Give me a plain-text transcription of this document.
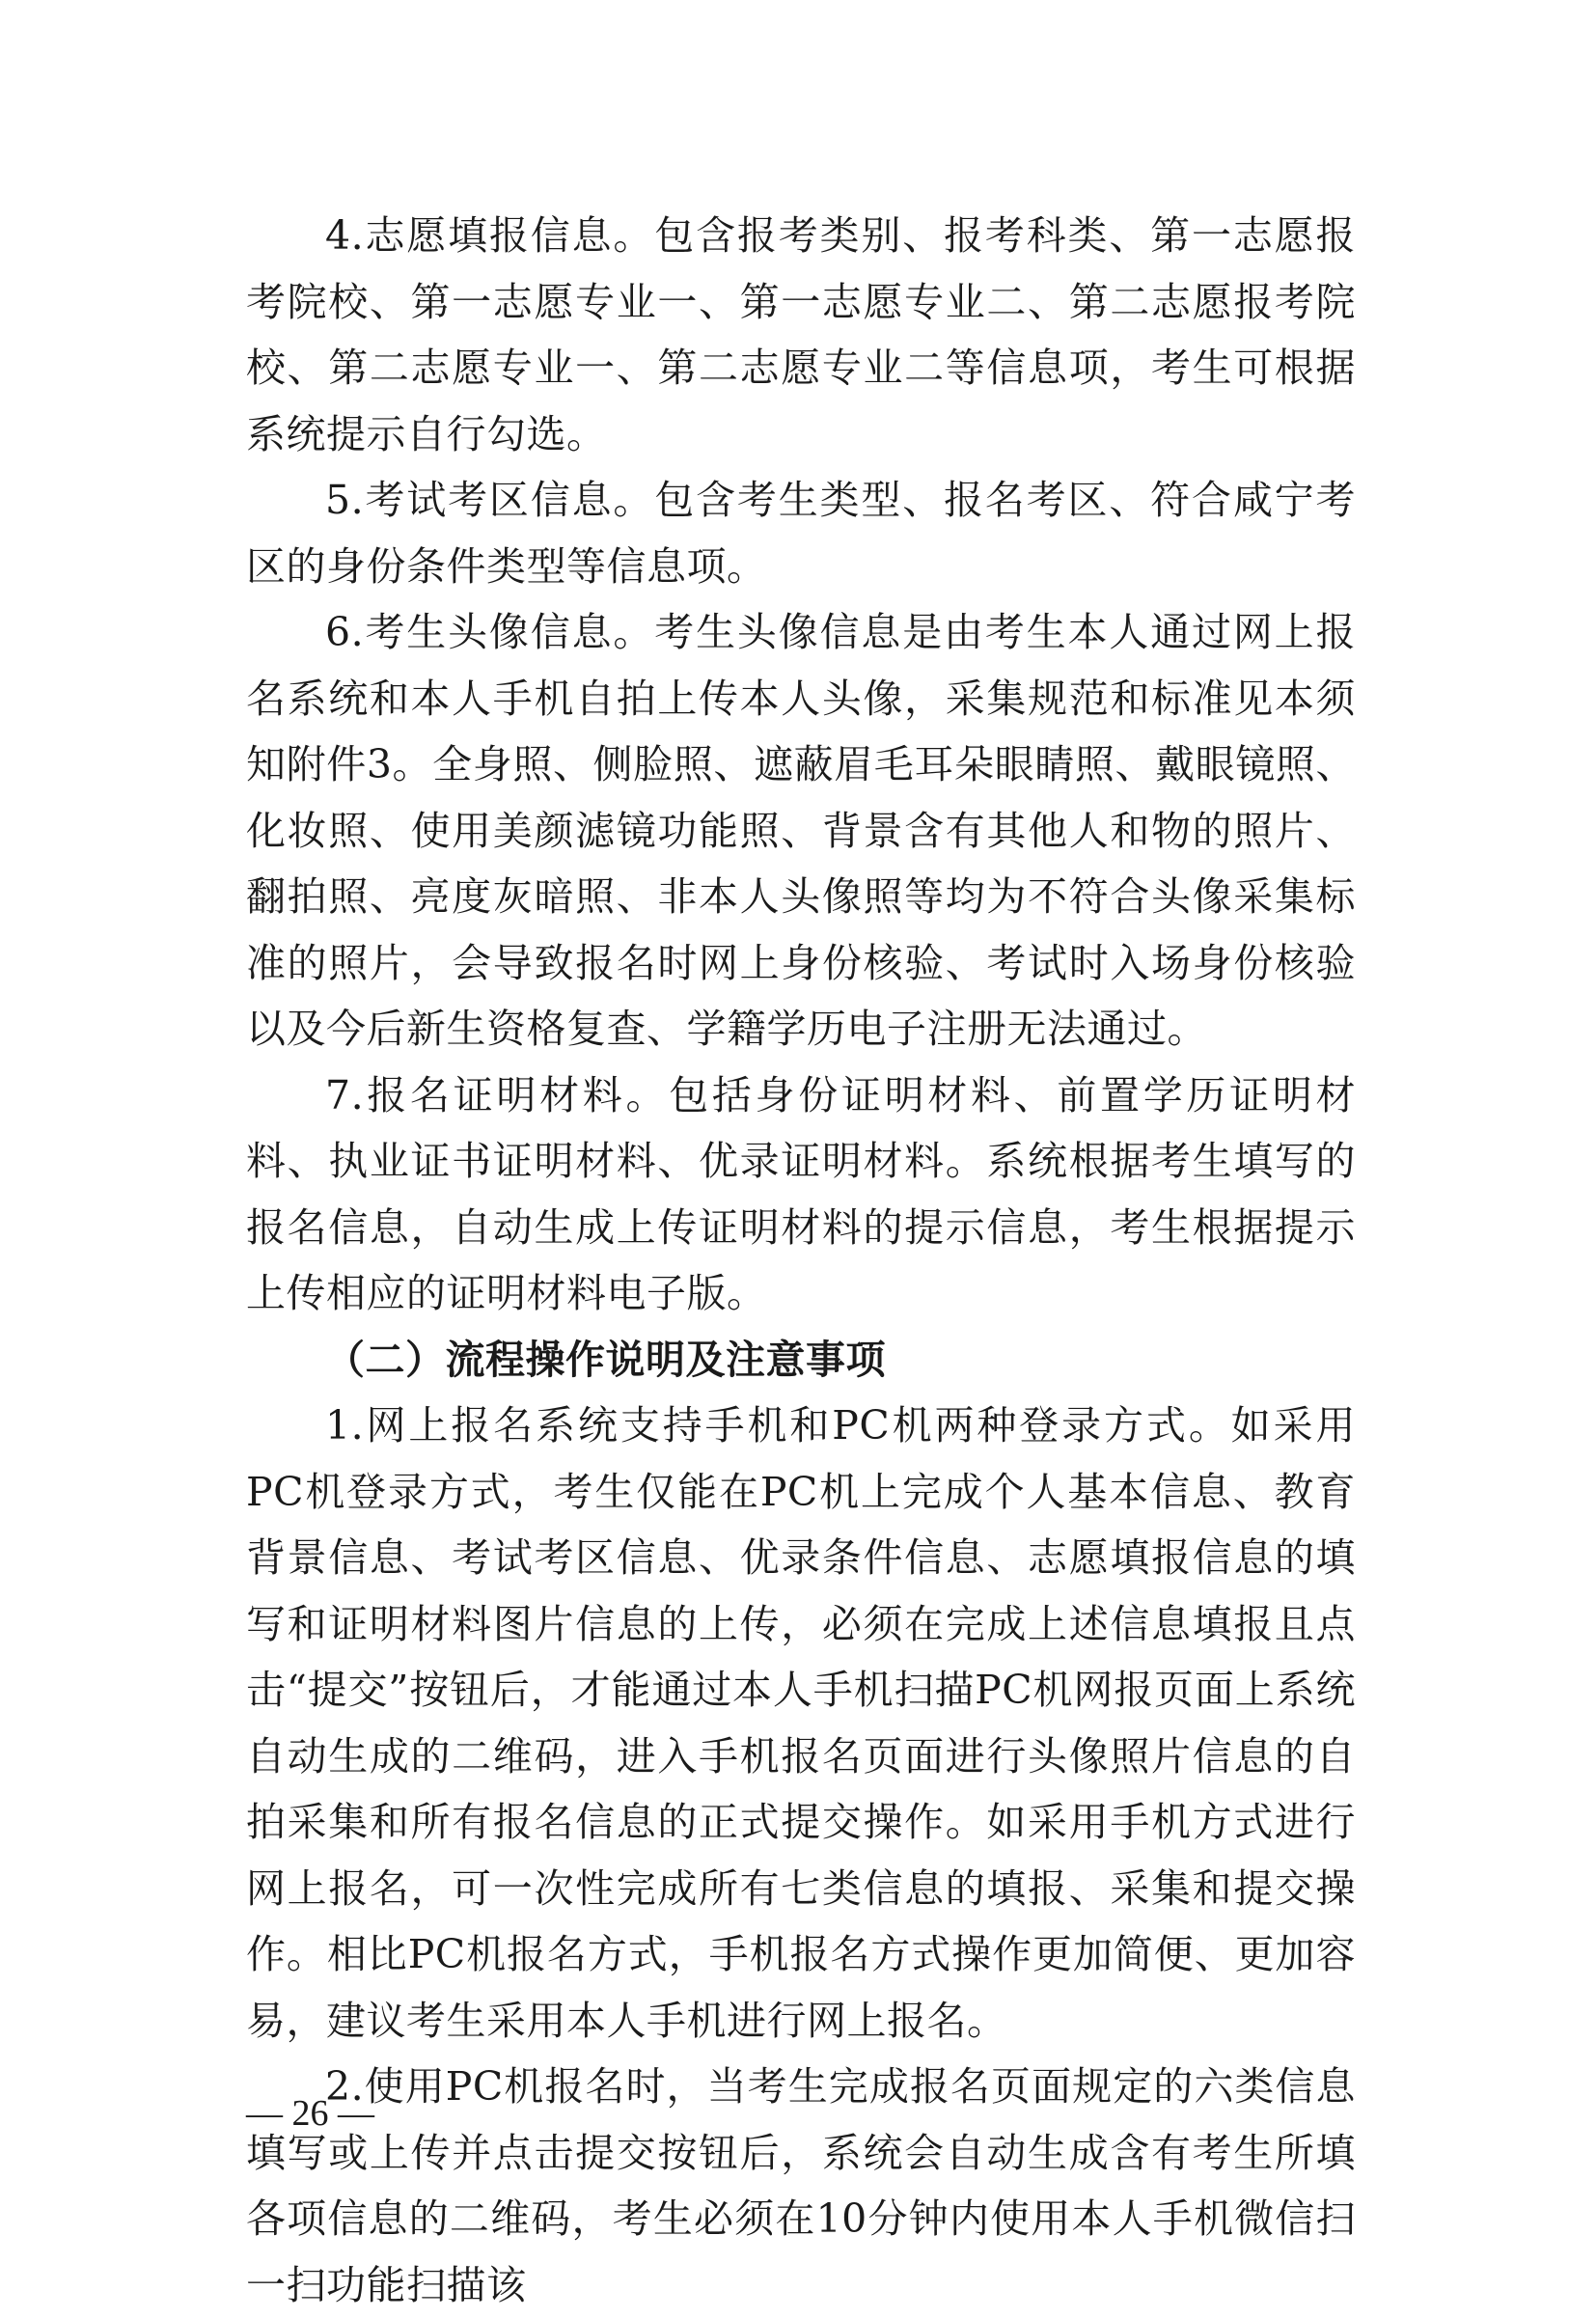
4.志愿填报信息。包含报考类别、报考科类、第一志愿报考院校、第一志愿专业一、第一志愿专业二、第二志愿报考院校、第二志愿专业一、第二志愿专业二等信息项，考生可根据系统提示自行勾选。

5.考试考区信息。包含考生类型、报名考区、符合咸宁考区的身份条件类型等信息项。

6.考生头像信息。考生头像信息是由考生本人通过网上报名系统和本人手机自拍上传本人头像，采集规范和标准见本须知附件3。全身照、侧脸照、遮蔽眉毛耳朵眼睛照、戴眼镜照、化妆照、使用美颜滤镜功能照、背景含有其他人和物的照片、翻拍照、亮度灰暗照、非本人头像照等均为不符合头像采集标准的照片，会导致报名时网上身份核验、考试时入场身份核验以及今后新生资格复查、学籍学历电子注册无法通过。

7.报名证明材料。包括身份证明材料、前置学历证明材料、执业证书证明材料、优录证明材料。系统根据考生填写的报名信息，自动生成上传证明材料的提示信息，考生根据提示上传相应的证明材料电子版。

（二）流程操作说明及注意事项

1.网上报名系统支持手机和PC机两种登录方式。如采用PC机登录方式，考生仅能在PC机上完成个人基本信息、教育背景信息、考试考区信息、优录条件信息、志愿填报信息的填写和证明材料图片信息的上传，必须在完成上述信息填报且点击“提交”按钮后，才能通过本人手机扫描PC机网报页面上系统自动生成的二维码，进入手机报名页面进行头像照片信息的自拍采集和所有报名信息的正式提交操作。如采用手机方式进行网上报名，可一次性完成所有七类信息的填报、采集和提交操作。相比PC机报名方式，手机报名方式操作更加简便、更加容易，建议考生采用本人手机进行网上报名。

2.使用PC机报名时，当考生完成报名页面规定的六类信息填写或上传并点击提交按钮后，系统会自动生成含有考生所填各项信息的二维码，考生必须在10分钟内使用本人手机微信扫一扫功能扫描该

— 26 —
